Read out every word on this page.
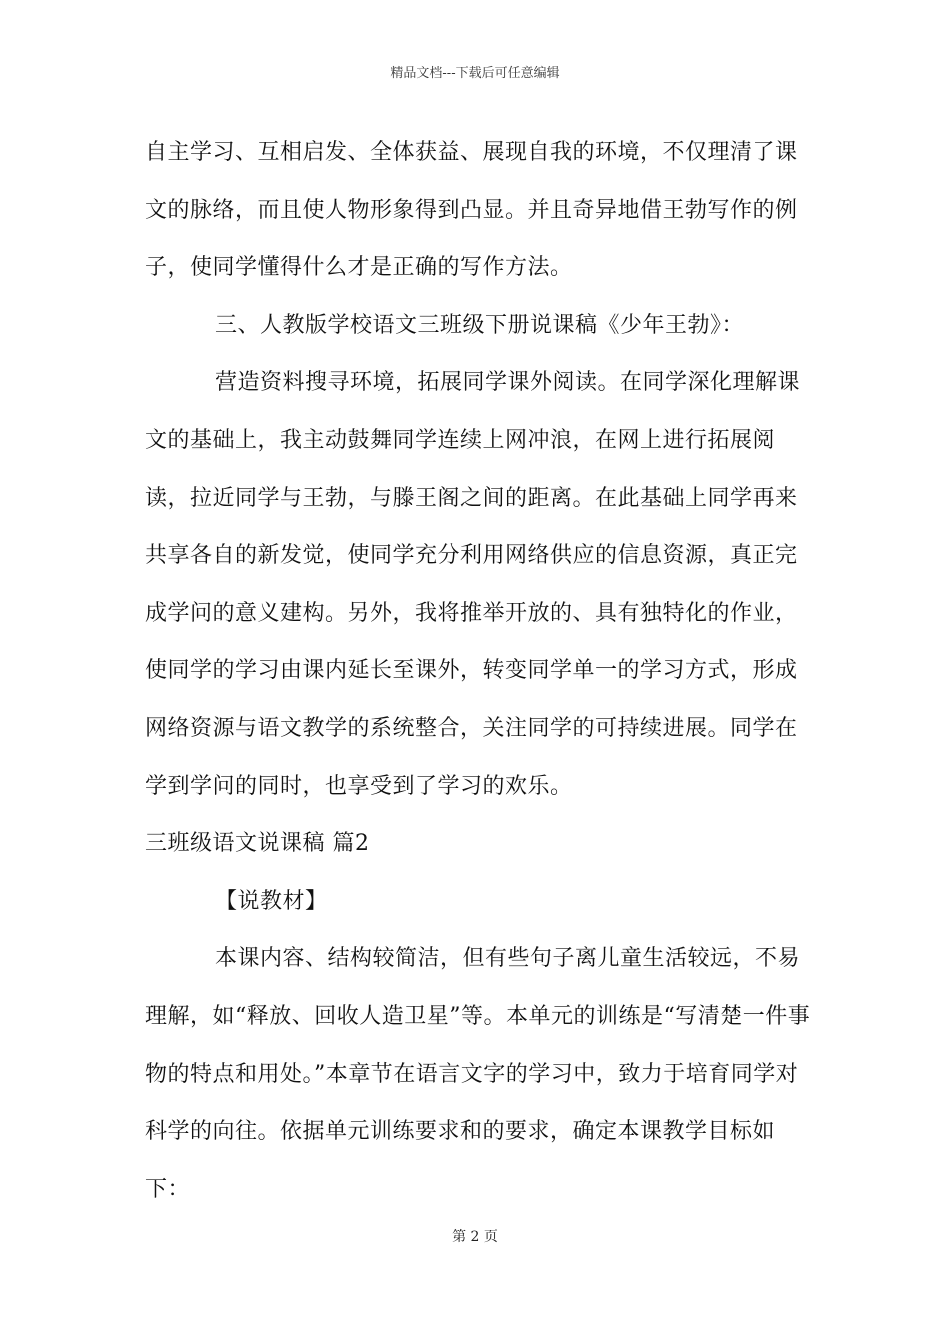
精品文档---下载后可任意编辑

自主学习、互相启发、全体获益、展现自我的环境，不仅理清了课文的脉络，而且使人物形象得到凸显。并且奇异地借王勃写作的例子，使同学懂得什么才是正确的写作方法。

三、人教版学校语文三班级下册说课稿《少年王勃》：

营造资料搜寻环境，拓展同学课外阅读。在同学深化理解课文的基础上，我主动鼓舞同学连续上网冲浪，在网上进行拓展阅读，拉近同学与王勃，与滕王阁之间的距离。在此基础上同学再来共享各自的新发觉，使同学充分利用网络供应的信息资源，真正完成学问的意义建构。另外，我将推举开放的、具有独特化的作业，使同学的学习由课内延长至课外，转变同学单一的学习方式，形成网络资源与语文教学的系统整合，关注同学的可持续进展。同学在学到学问的同时，也享受到了学习的欢乐。

三班级语文说课稿 篇2

【说教材】

本课内容、结构较简洁，但有些句子离儿童生活较远，不易理解，如“释放、回收人造卫星”等。本单元的训练是“写清楚一件事物的特点和用处。”本章节在语言文字的学习中，致力于培育同学对科学的向往。依据单元训练要求和的要求，确定本课教学目标如下：

第 2 页
